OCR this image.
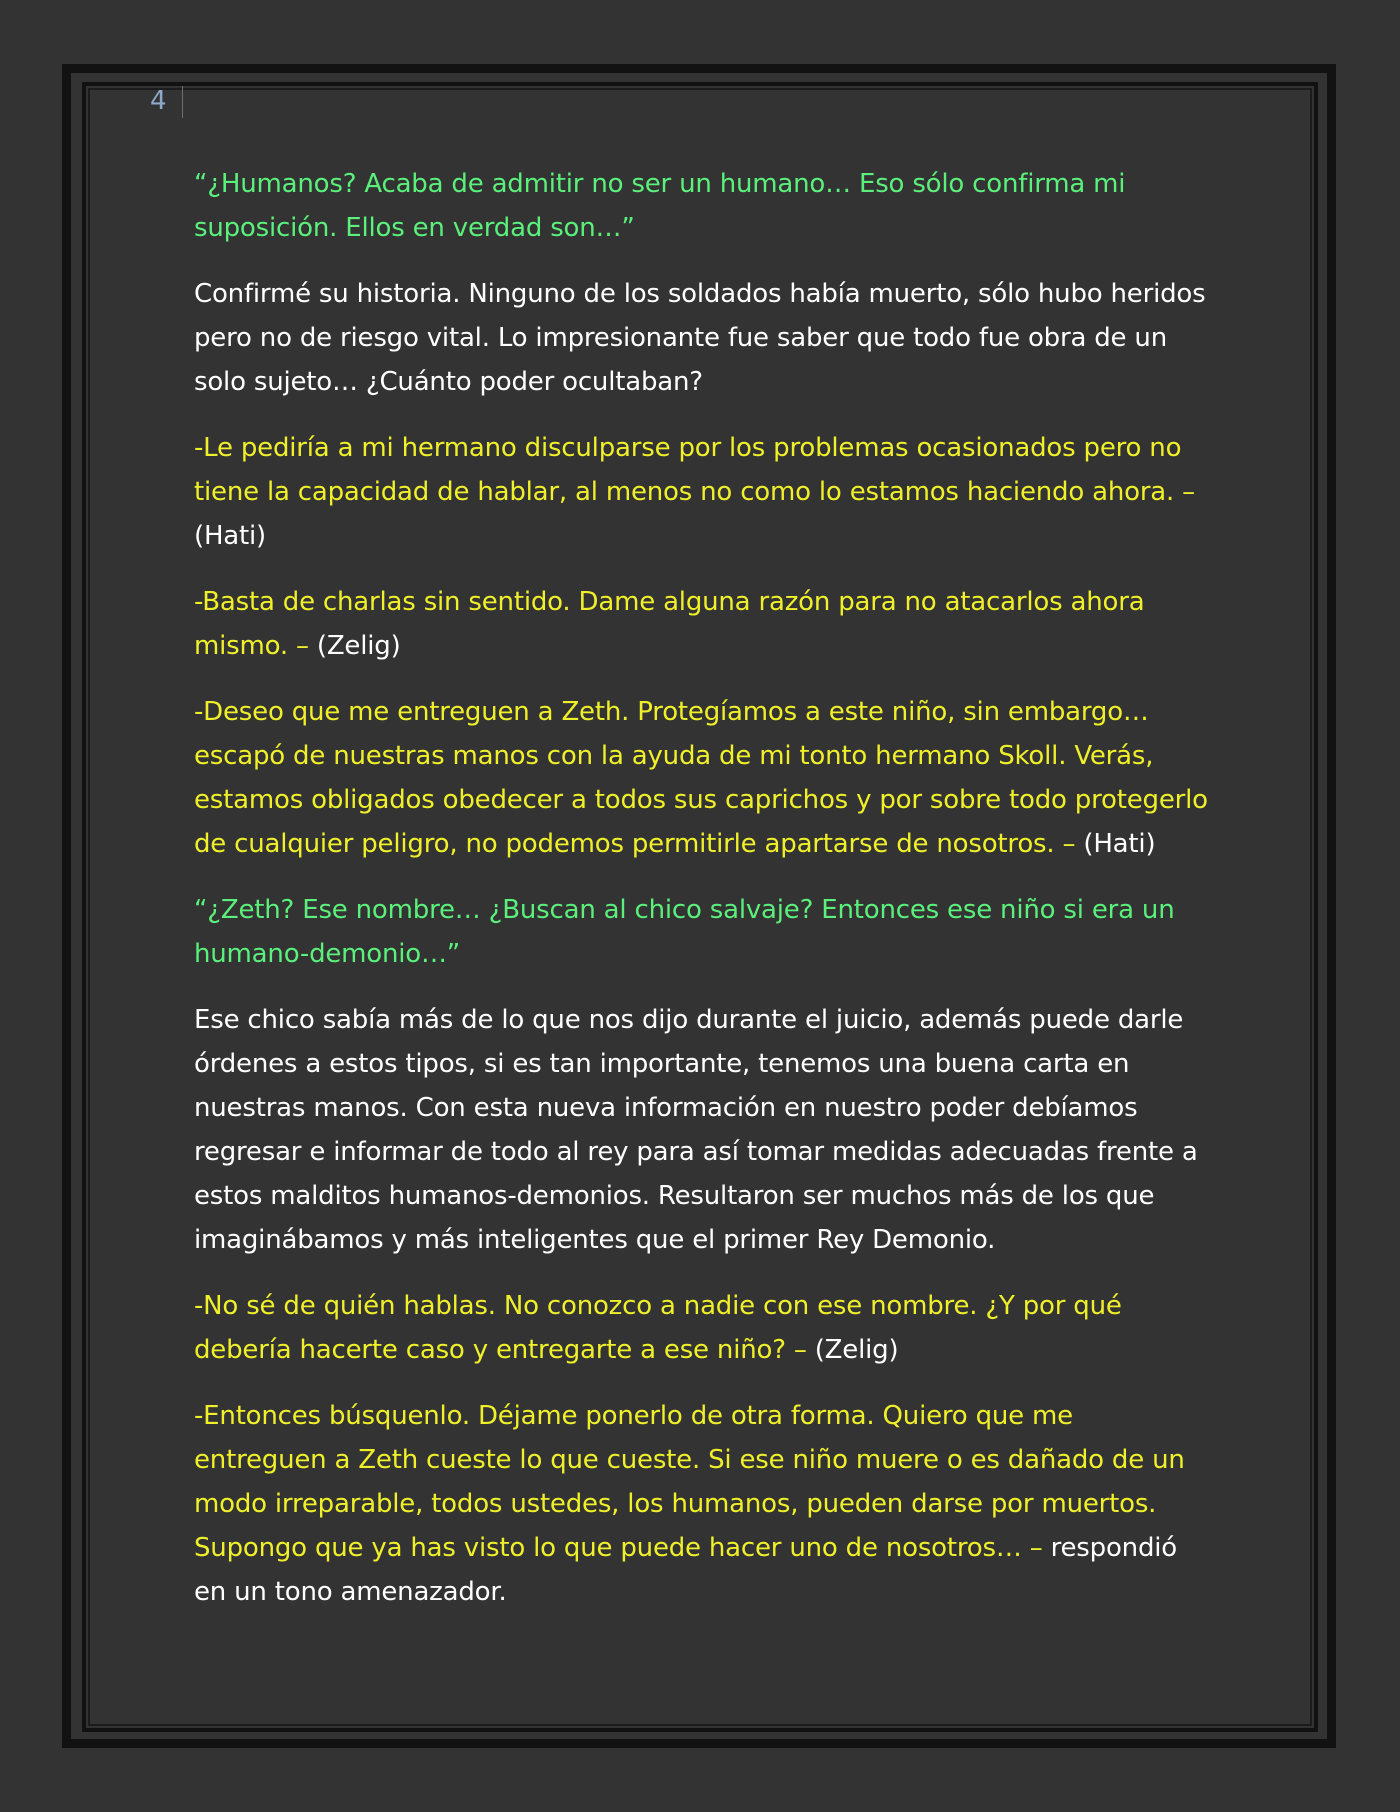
4

“¿Humanos? Acaba de admitir no ser un humano… Eso sólo confirma mi suposición. Ellos en verdad son…”

Confirmé su historia. Ninguno de los soldados había muerto, sólo hubo heridos pero no de riesgo vital. Lo impresionante fue saber que todo fue obra de un solo sujeto… ¿Cuánto poder ocultaban?

-Le pediría a mi hermano disculparse por los problemas ocasionados pero no tiene la capacidad de hablar, al menos no como lo estamos haciendo ahora. – (Hati)

-Basta de charlas sin sentido. Dame alguna razón para no atacarlos ahora mismo. – (Zelig)

-Deseo que me entreguen a Zeth. Protegíamos a este niño, sin embargo… escapó de nuestras manos con la ayuda de mi tonto hermano Skoll. Verás, estamos obligados obedecer a todos sus caprichos y por sobre todo protegerlo de cualquier peligro, no podemos permitirle apartarse de nosotros. – (Hati)

“¿Zeth? Ese nombre… ¿Buscan al chico salvaje? Entonces ese niño si era un humano-demonio…”

Ese chico sabía más de lo que nos dijo durante el juicio, además puede darle órdenes a estos tipos, si es tan importante, tenemos una buena carta en nuestras manos. Con esta nueva información en nuestro poder debíamos regresar e informar de todo al rey para así tomar medidas adecuadas frente a estos malditos humanos-demonios. Resultaron ser muchos más de los que imaginábamos y más inteligentes que el primer Rey Demonio.

-No sé de quién hablas. No conozco a nadie con ese nombre. ¿Y por qué debería hacerte caso y entregarte a ese niño? – (Zelig)

-Entonces búsquenlo. Déjame ponerlo de otra forma. Quiero que me entreguen a Zeth cueste lo que cueste. Si ese niño muere o es dañado de un modo irreparable, todos ustedes, los humanos, pueden darse por muertos. Supongo que ya has visto lo que puede hacer uno de nosotros… – respondió en un tono amenazador.
